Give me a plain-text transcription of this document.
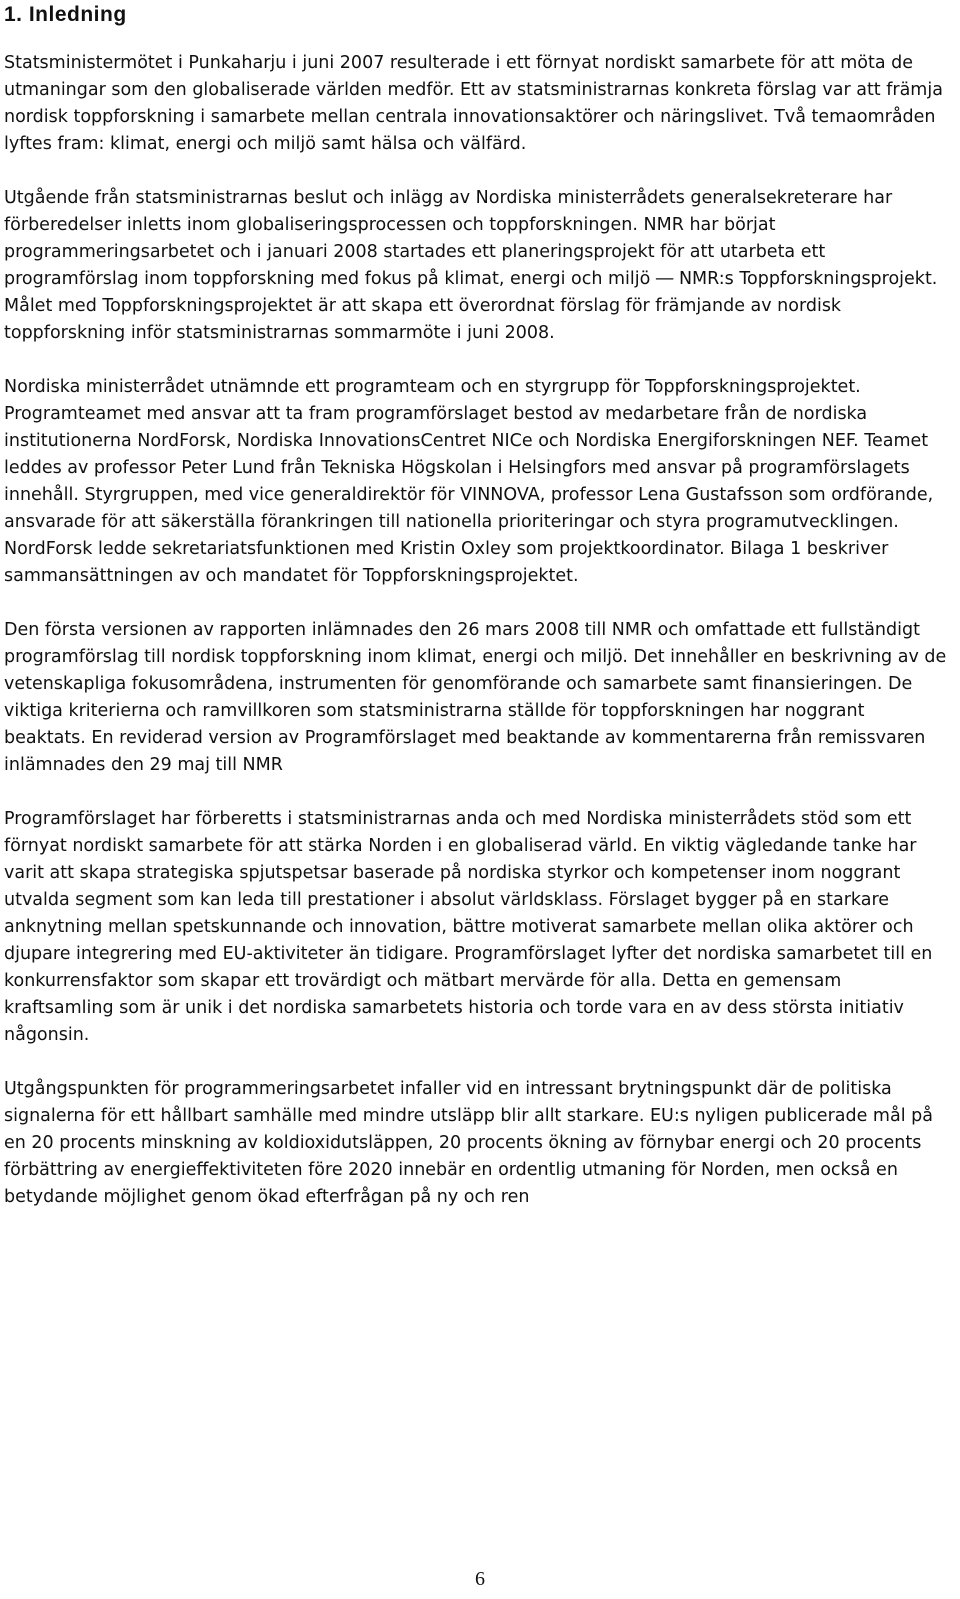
1. Inledning

Statsministermötet i Punkaharju i juni 2007 resulterade i ett förnyat nordiskt samarbete för att möta de utmaningar som den globaliserade världen medför. Ett av statsministrarnas konkreta förslag var att främja nordisk toppforskning i samarbete mellan centrala innovationsaktörer och näringslivet. Två temaområden lyftes fram: klimat, energi och miljö samt hälsa och välfärd.

Utgående från statsministrarnas beslut och inlägg av Nordiska ministerrådets generalsekreterare har förberedelser inletts inom globaliseringsprocessen och toppforskningen. NMR har börjat programmeringsarbetet och i januari 2008 startades ett planeringsprojekt för att utarbeta ett programförslag inom toppforskning med fokus på klimat, energi och miljö ― NMR:s Toppforskningsprojekt. Målet med Toppforskningsprojektet är att skapa ett överordnat förslag för främjande av nordisk toppforskning inför statsministrarnas sommarmöte i juni 2008.

Nordiska ministerrådet utnämnde ett programteam och en styrgrupp för Toppforskningsprojektet. Programteamet med ansvar att ta fram programförslaget bestod av medarbetare från de nordiska institutionerna NordForsk, Nordiska InnovationsCentret NICe och Nordiska Energiforskningen NEF. Teamet leddes av professor Peter Lund från Tekniska Högskolan i Helsingfors med ansvar på programförslagets innehåll. Styrgruppen, med vice generaldirektör för VINNOVA, professor Lena Gustafsson som ordförande, ansvarade för att säkerställa förankringen till nationella prioriteringar och styra programutvecklingen. NordForsk ledde sekretariatsfunktionen med Kristin Oxley som projektkoordinator. Bilaga 1 beskriver sammansättningen av och mandatet för Toppforskningsprojektet.

Den första versionen av rapporten inlämnades den 26 mars 2008 till NMR och omfattade ett fullständigt programförslag till nordisk toppforskning inom klimat, energi och miljö. Det innehåller en beskrivning av de vetenskapliga fokusområdena, instrumenten för genomförande och samarbete samt finansieringen. De viktiga kriterierna och ramvillkoren som statsministrarna ställde för toppforskningen har noggrant beaktats. En reviderad version av Programförslaget med beaktande av kommentarerna från remissvaren inlämnades den 29 maj till NMR

Programförslaget har förberetts i statsministrarnas anda och med Nordiska ministerrådets stöd som ett förnyat nordiskt samarbete för att stärka Norden i en globaliserad värld. En viktig vägledande tanke har varit att skapa strategiska spjutspetsar baserade på nordiska styrkor och kompetenser inom noggrant utvalda segment som kan leda till prestationer i absolut världsklass. Förslaget bygger på en starkare anknytning mellan spetskunnande och innovation, bättre motiverat samarbete mellan olika aktörer och djupare integrering med EU-aktiviteter än tidigare. Programförslaget lyfter det nordiska samarbetet till en konkurrensfaktor som skapar ett trovärdigt och mätbart mervärde för alla. Detta en gemensam kraftsamling som är unik i det nordiska samarbetets historia och torde vara en av dess största initiativ någonsin.

Utgångspunkten för programmeringsarbetet infaller vid en intressant brytningspunkt där de politiska signalerna för ett hållbart samhälle med mindre utsläpp blir allt starkare. EU:s nyligen publicerade mål på en 20 procents minskning av koldioxidutsläppen, 20 procents ökning av förnybar energi och 20 procents förbättring av energieffektiviteten före 2020 innebär en ordentlig utmaning för Norden, men också en betydande möjlighet genom ökad efterfrågan på ny och ren

6
